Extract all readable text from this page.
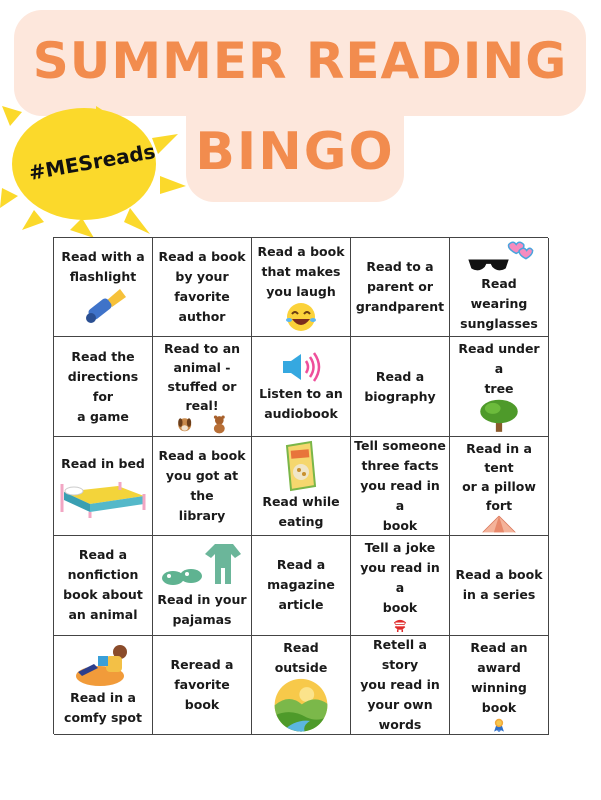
SUMMER READING
BINGO
#MESreads
Read with a
flashlight
Read a book
by your
favorite
author
Read a book
that makes
you laugh
Read to a
parent or
grandparent
Read wearing
sunglasses
Read the
directions for
a game
Read to an
animal -
stuffed or
real!
Listen to an
audiobook
Read a
biography
Read under a
tree
Read in bed
Read a book
you got at the
library
Read while
eating
Tell someone
three facts
you read in a
book
Read in a tent
or a pillow
fort
Read a
nonfiction
book about
an animal
Read in your
pajamas
Read a
magazine
article
Tell a joke
you read in a
book
Read a book
in a series
Read in a
comfy spot
Reread a
favorite book
Read outside
Retell a story
you read in
your own
words
Read an
award
winning book
